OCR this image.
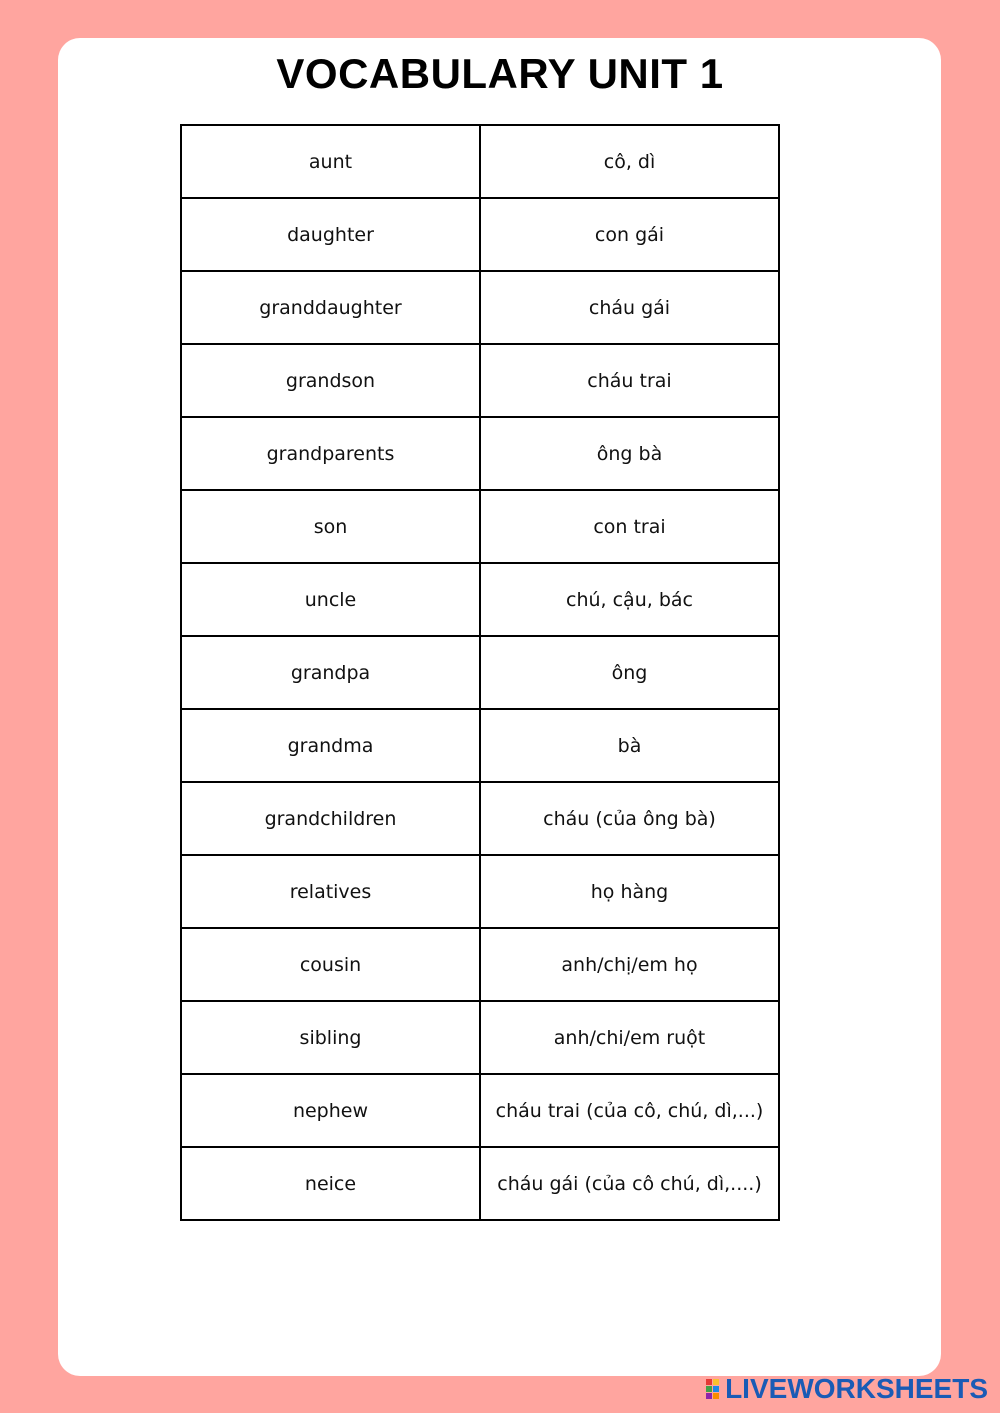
VOCABULARY UNIT 1
aunt	cô, dì
daughter	con gái
granddaughter	cháu gái
grandson	cháu trai
grandparents	ông bà
son	con trai
uncle	chú, cậu, bác
grandpa	ông
grandma	bà
grandchildren	cháu (của ông bà)
relatives	họ hàng
cousin	anh/chị/em họ
sibling	anh/chi/em ruột
nephew	cháu trai (của cô, chú, dì,...)
neice	cháu gái (của cô chú, dì,....)
LIVEWORKSHEETS
